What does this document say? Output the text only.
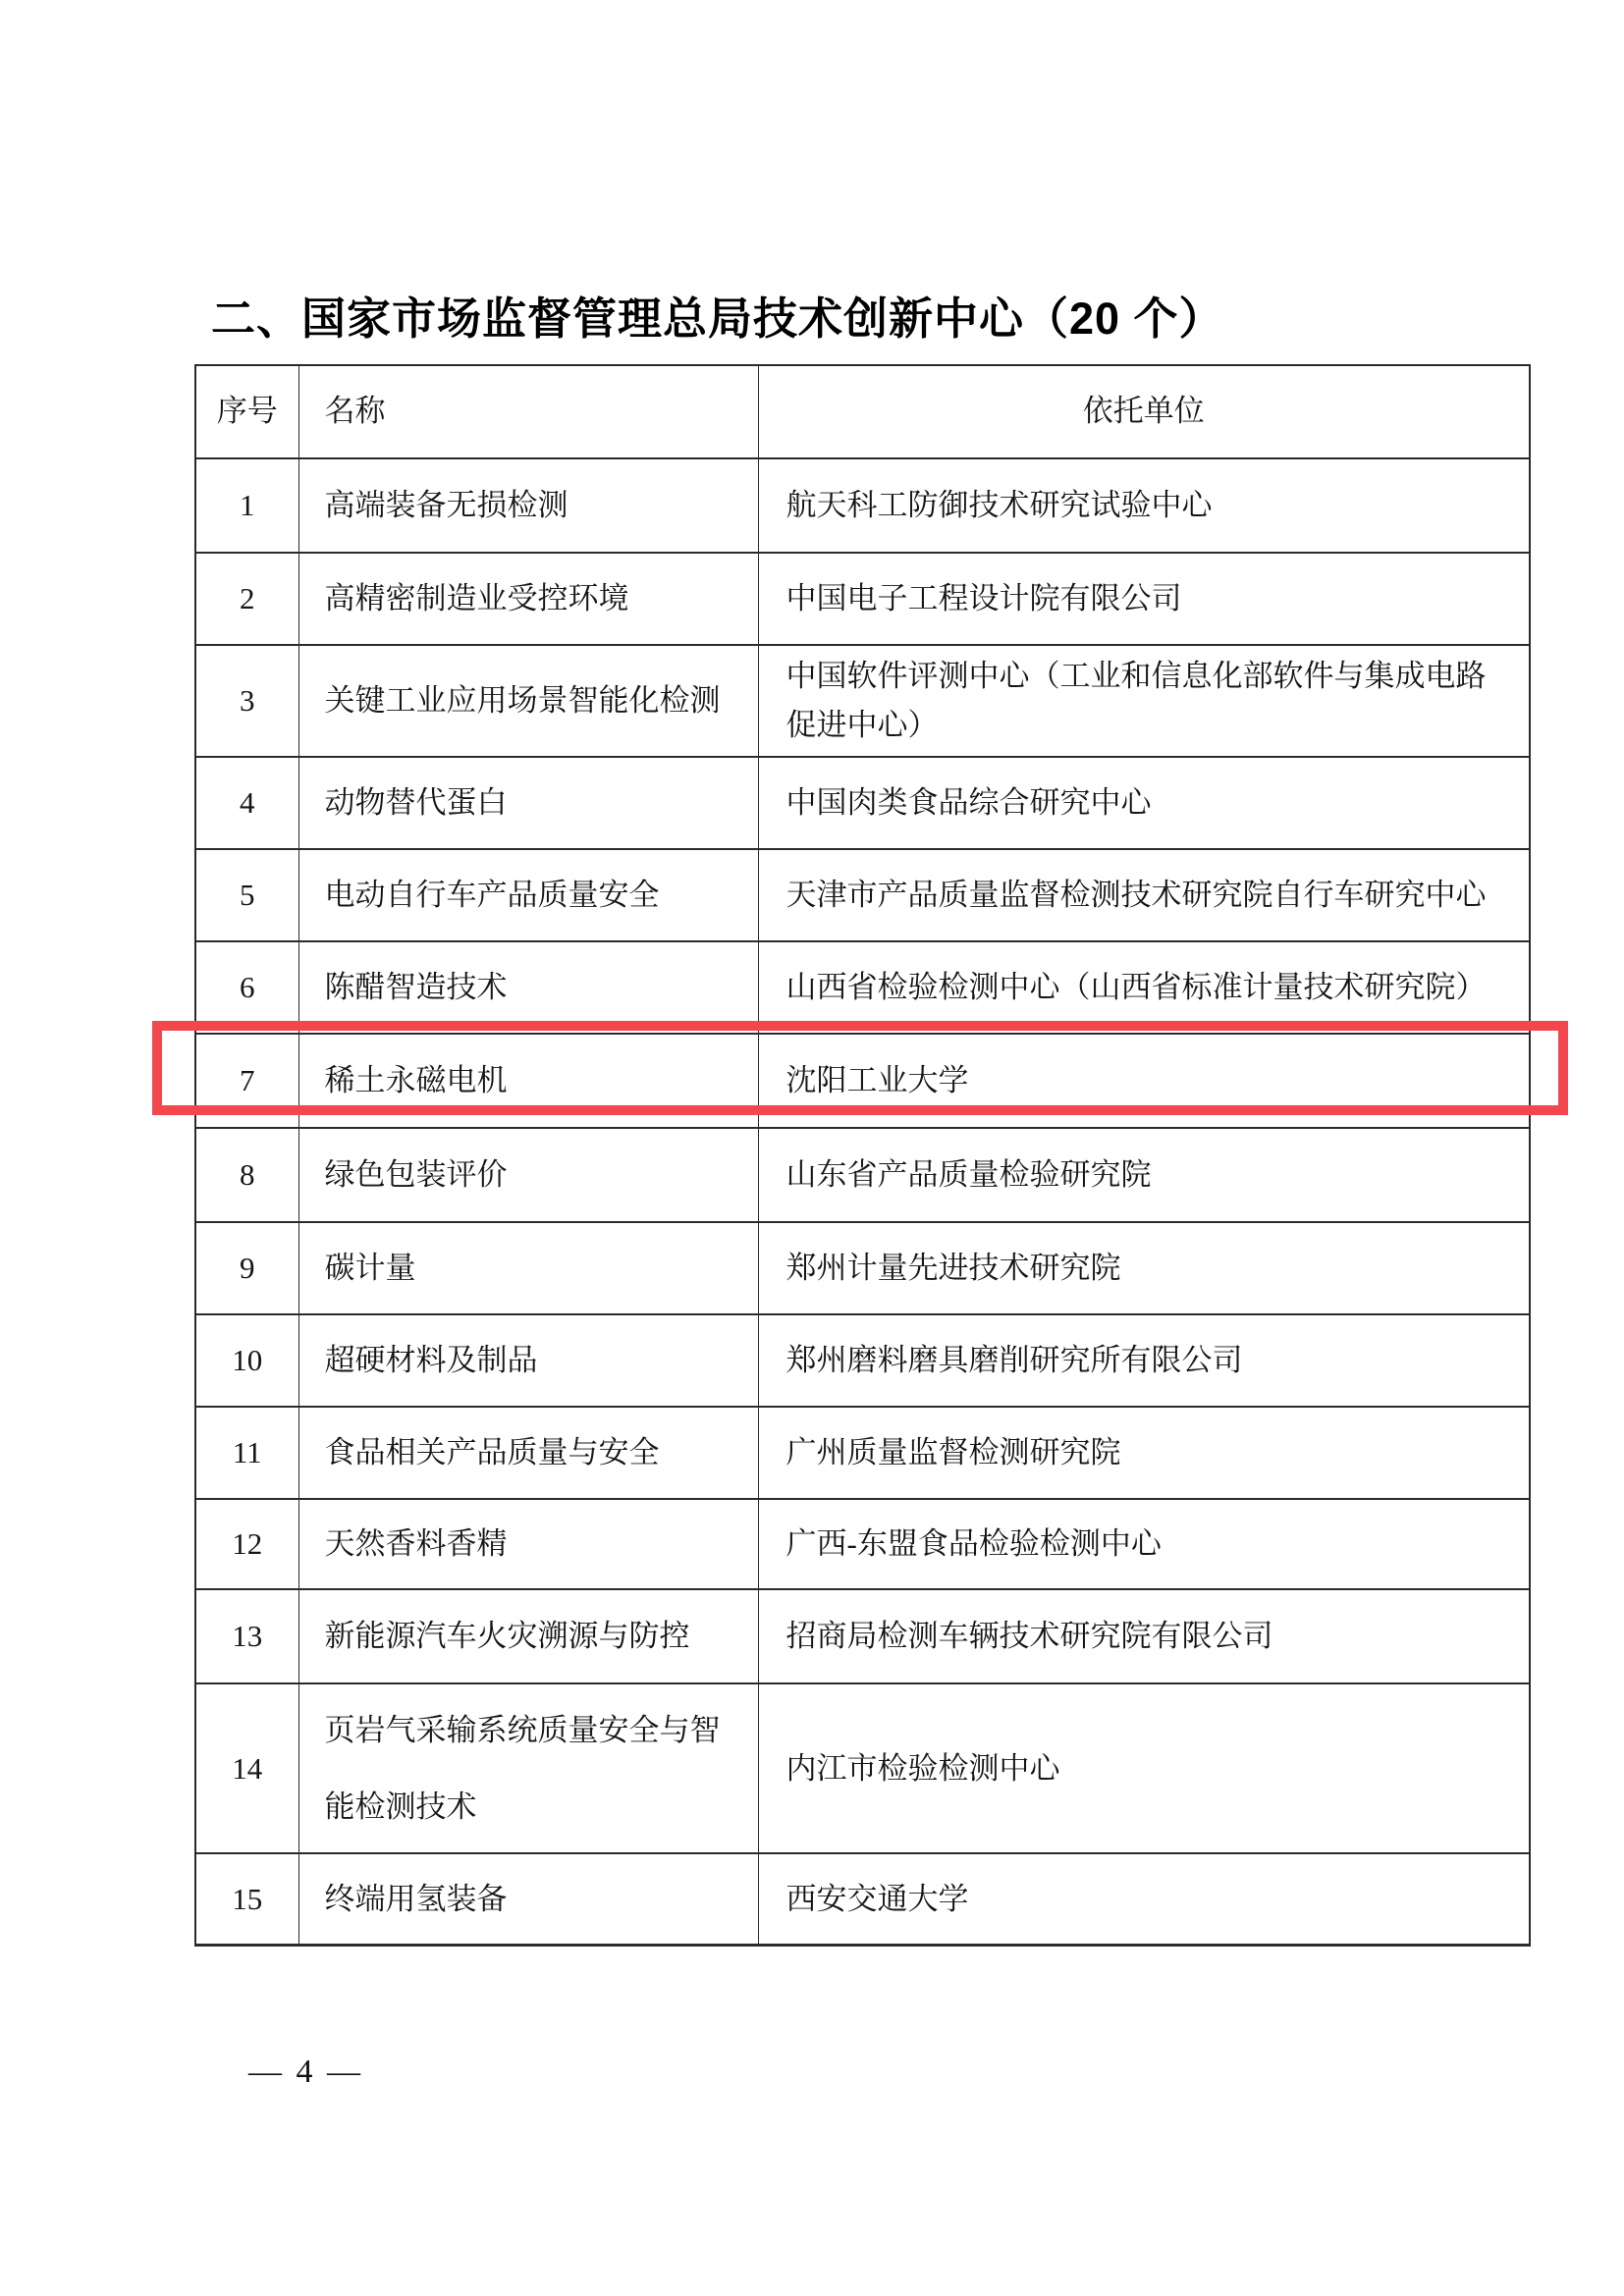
二、国家市场监督管理总局技术创新中心（20 个）
序号	名称	依托单位
1	高端装备无损检测	航天科工防御技术研究试验中心
2	高精密制造业受控环境	中国电子工程设计院有限公司
3	关键工业应用场景智能化检测	中国软件评测中心（工业和信息化部软件与集成电路促进中心）
4	动物替代蛋白	中国肉类食品综合研究中心
5	电动自行车产品质量安全	天津市产品质量监督检测技术研究院自行车研究中心
6	陈醋智造技术	山西省检验检测中心（山西省标准计量技术研究院）
7	稀土永磁电机	沈阳工业大学
8	绿色包装评价	山东省产品质量检验研究院
9	碳计量	郑州计量先进技术研究院
10	超硬材料及制品	郑州磨料磨具磨削研究所有限公司
11	食品相关产品质量与安全	广州质量监督检测研究院
12	天然香料香精	广西-东盟食品检验检测中心
13	新能源汽车火灾溯源与防控	招商局检测车辆技术研究院有限公司
14	页岩气采输系统质量安全与智能检测技术	内江市检验检测中心
15	终端用氢装备	西安交通大学
— 4 —
